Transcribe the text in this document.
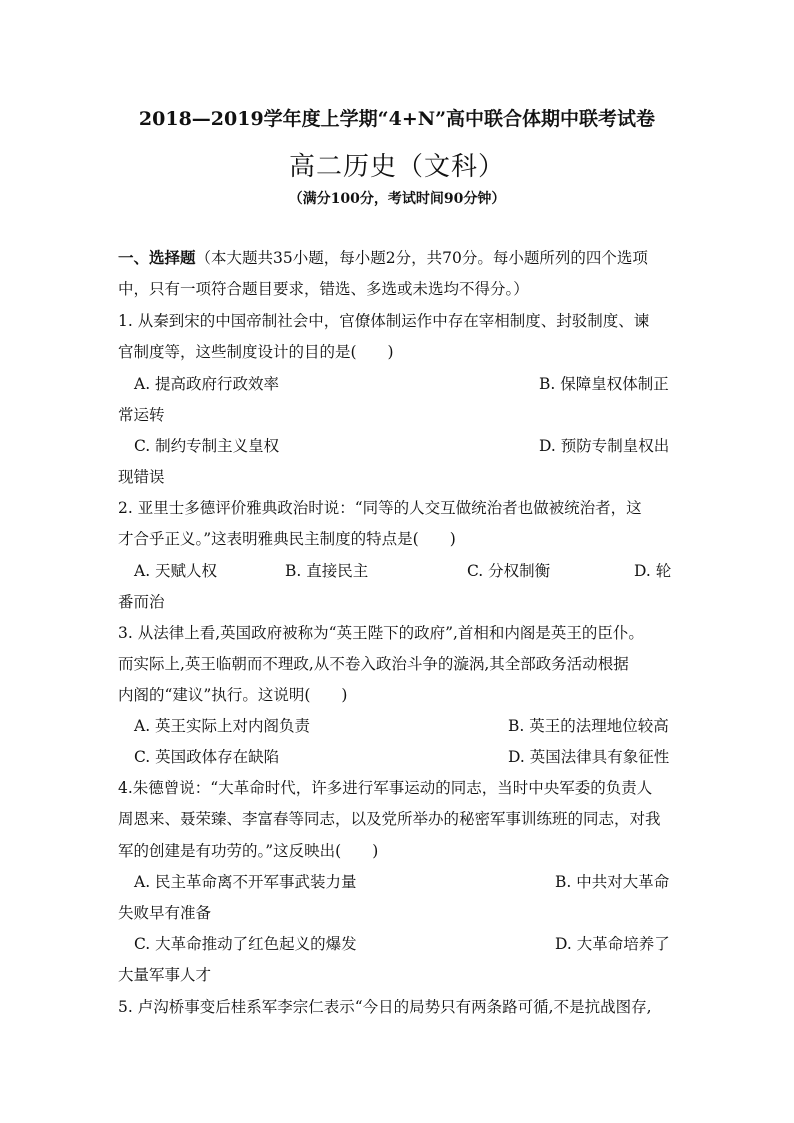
2018—2019学年度上学期“4+N”高中联合体期中联考试卷
高二历史（文科）
（满分100分，考试时间90分钟）
一、选择题（本大题共35小题，每小题2分，共70分。每小题所列的四个选项
中，只有一项符合题目要求，错选、多选或未选均不得分。）
1. 从秦到宋的中国帝制社会中，官僚体制运作中存在宰相制度、封驳制度、谏
官制度等，这些制度设计的目的是(　　)
A. 提高政府行政效率	B. 保障皇权体制正
常运转
C. 制约专制主义皇权	D. 预防专制皇权出
现错误
2. 亚里士多德评价雅典政治时说：“同等的人交互做统治者也做被统治者，这
才合乎正义。”这表明雅典民主制度的特点是(　　)
A. 天赋人权	B. 直接民主	C. 分权制衡	D. 轮
番而治
3. 从法律上看,英国政府被称为“英王陛下的政府”,首相和内阁是英王的臣仆。
而实际上,英王临朝而不理政,从不卷入政治斗争的漩涡,其全部政务活动根据
内阁的“建议”执行。这说明(　　)
A. 英王实际上对内阁负责	B. 英王的法理地位较高
C. 英国政体存在缺陷	D. 英国法律具有象征性
4.朱德曾说：“大革命时代，许多进行军事运动的同志，当时中央军委的负责人
周恩来、聂荣臻、李富春等同志，以及党所举办的秘密军事训练班的同志，对我
军的创建是有功劳的。”这反映出(　　)
A. 民主革命离不开军事武装力量	B. 中共对大革命
失败早有准备
C. 大革命推动了红色起义的爆发	D. 大革命培养了
大量军事人才
5. 卢沟桥事变后桂系军李宗仁表示“今日的局势只有两条路可循,不是抗战图存,
